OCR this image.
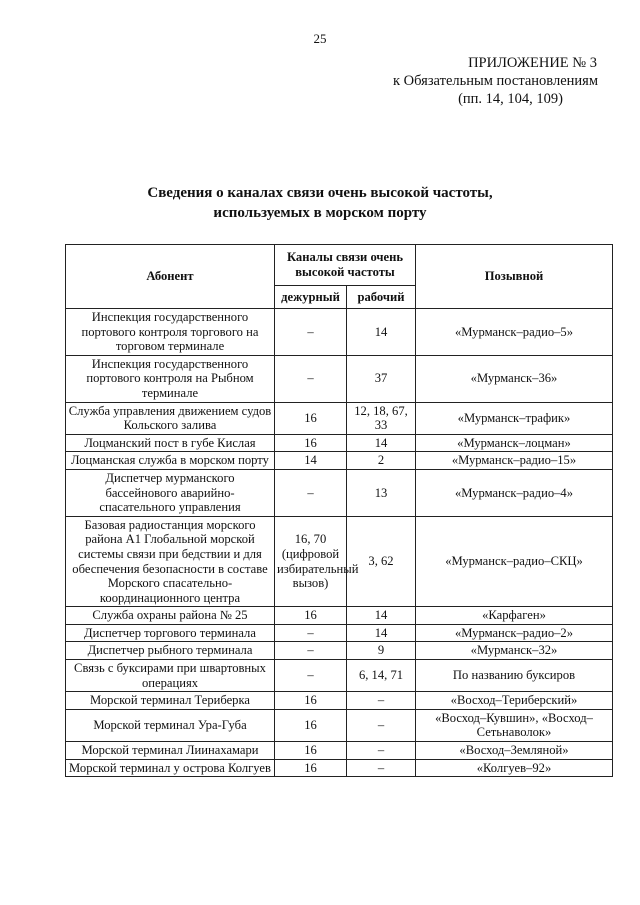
25
ПРИЛОЖЕНИЕ № 3
к Обязательным постановлениям
(пп. 14, 104, 109)
Сведения о каналах связи очень высокой частоты,
используемых в морском порту
Абонент	Каналы связи очень высокой частоты		Позывной
	дежурный	рабочий	
Инспекция государственного портового контроля торгового на торговом терминале	–	14	«Мурманск–радио–5»
Инспекция государственного портового контроля на Рыбном терминале	–	37	«Мурманск–36»
Служба управления движением судов Кольского залива	16	12, 18, 67, 33	«Мурманск–трафик»
Лоцманский пост в губе Кислая	16	14	«Мурманск–лоцман»
Лоцманская служба в морском порту	14	2	«Мурманск–радио–15»
Диспетчер мурманского бассейнового аварийно-спасательного управления	–	13	«Мурманск–радио–4»
Базовая радиостанция морского района А1 Глобальной морской системы связи при бедствии и для обеспечения безопасности в составе Морского спасательно-координационного центра	16, 70 (цифровой избирательный вызов)	3, 62	«Мурманск–радио–СКЦ»
Служба охраны района № 25	16	14	«Карфаген»
Диспетчер торгового терминала	–	14	«Мурманск–радио–2»
Диспетчер рыбного терминала	–	9	«Мурманск–32»
Связь с буксирами при швартовных операциях	–	6, 14, 71	По названию буксиров
Морской терминал Териберка	16	–	«Восход–Териберский»
Морской терминал Ура-Губа	16	–	«Восход–Кувшин», «Восход–Сетьнаволок»
Морской терминал Лиинахамари	16	–	«Восход–Земляной»
Морской терминал у острова Колгуев	16	–	«Колгуев–92»
